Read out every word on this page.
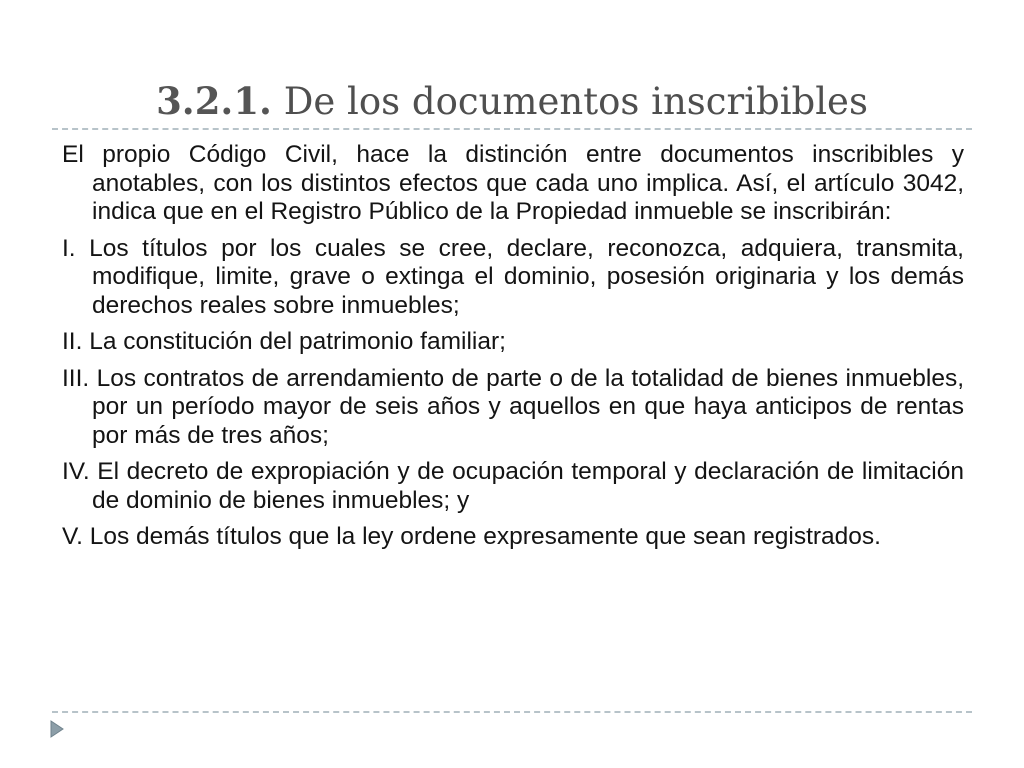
3.2.1. De los documentos inscribibles

El propio Código Civil, hace la distinción entre documentos inscribibles y anotables, con los distintos efectos que cada uno implica. Así, el artículo 3042, indica que en el Registro Público de la Propiedad inmueble se inscribirán:

I. Los títulos por los cuales se cree, declare, reconozca, adquiera, transmita, modifique, limite, grave o extinga el dominio, posesión originaria y los demás derechos reales sobre inmuebles;

II. La constitución del patrimonio familiar;

III. Los contratos de arrendamiento de parte o de la totalidad de bienes inmuebles, por un período mayor de seis años y aquellos en que haya anticipos de rentas por más de tres años;

IV. El decreto de expropiación y de ocupación temporal y declaración de limitación de dominio de bienes inmuebles; y

V. Los demás títulos que la ley ordene expresamente que sean registrados.
